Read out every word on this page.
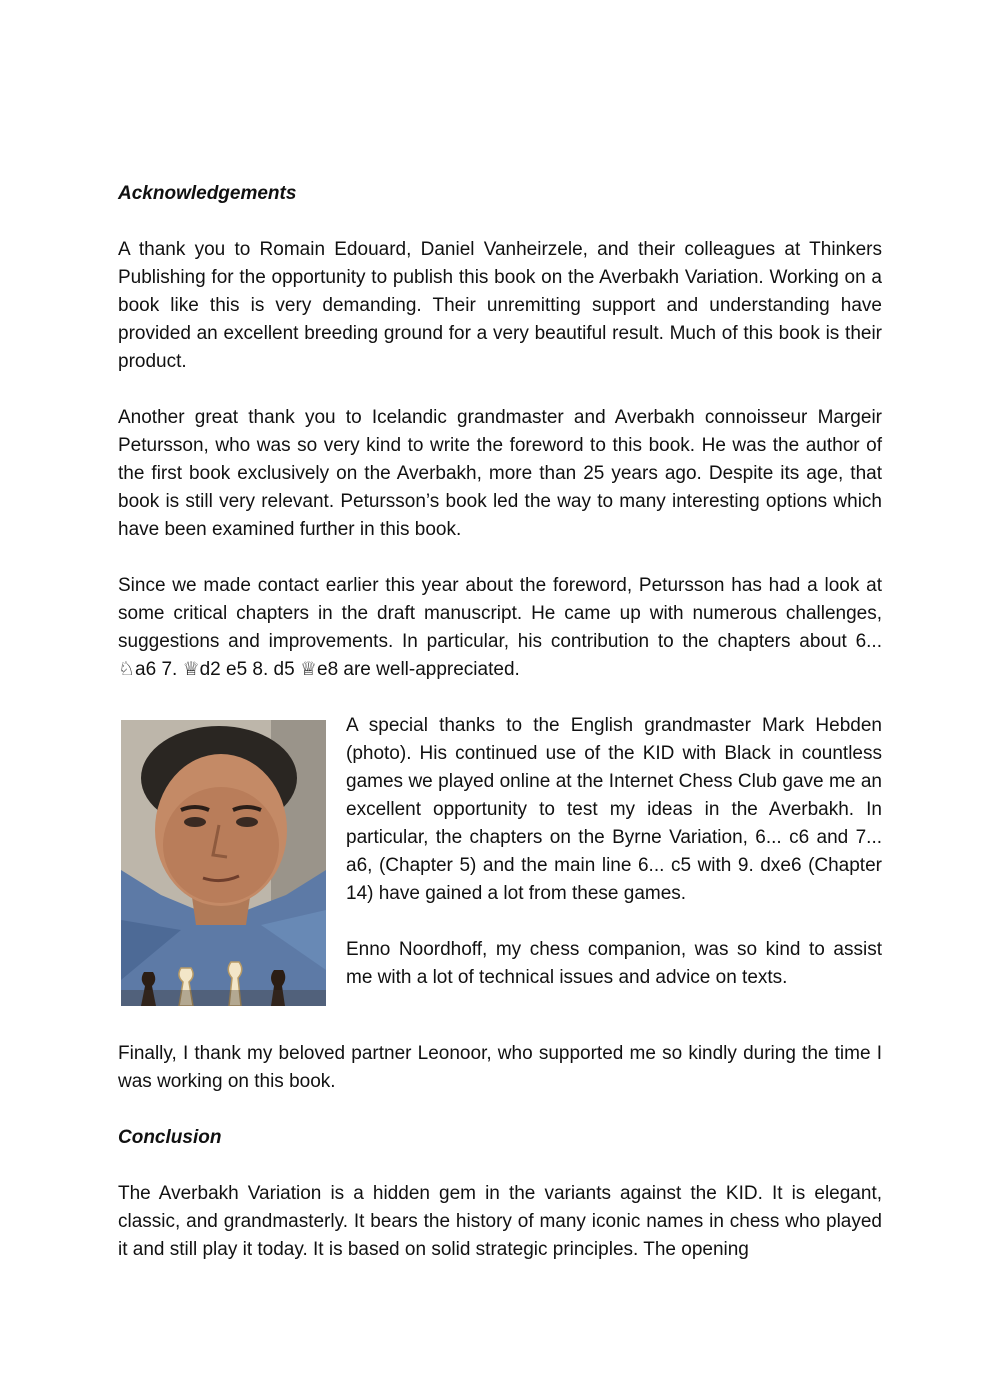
Acknowledgements

A thank you to Romain Edouard, Daniel Vanheirzele, and their colleagues at Thinkers Publishing for the opportunity to publish this book on the Averbakh Variation. Working on a book like this is very demanding. Their unremitting support and understanding have provided an excellent breeding ground for a very beautiful result. Much of this book is their product.

Another great thank you to Icelandic grandmaster and Averbakh connoisseur Margeir Petursson, who was so very kind to write the foreword to this book. He was the author of the first book exclusively on the Averbakh, more than 25 years ago. Despite its age, that book is still very relevant. Petursson’s book led the way to many interesting options which have been examined further in this book.

Since we made contact earlier this year about the foreword, Petursson has had a look at some critical chapters in the draft manuscript. He came up with numerous challenges, suggestions and improvements. In particular, his contribution to the chapters about 6... ♘a6 7. ♕d2 e5 8. d5 ♕e8 are well-appreciated.

A special thanks to the English grandmaster Mark Hebden (photo). His continued use of the KID with Black in countless games we played online at the Internet Chess Club gave me an excellent opportunity to test my ideas in the Averbakh. In particular, the chapters on the Byrne Variation, 6... c6 and 7... a6, (Chapter 5) and the main line 6... c5 with 9. dxe6 (Chapter 14) have gained a lot from these games.

Enno Noordhoff, my chess companion, was so kind to assist me with a lot of technical issues and advice on texts.

Finally, I thank my beloved partner Leonoor, who supported me so kindly during the time I was working on this book.

Conclusion

The Averbakh Variation is a hidden gem in the variants against the KID. It is elegant, classic, and grandmasterly. It bears the history of many iconic names in chess who played it and still play it today. It is based on solid strategic principles. The opening
